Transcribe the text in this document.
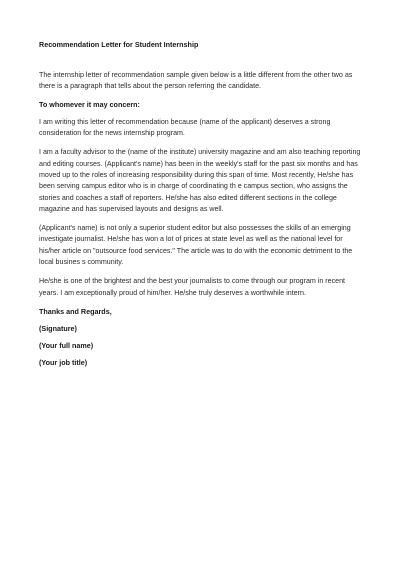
Recommendation Letter for Student Internship

The internship letter of recommendation sample given below is a little different from the other two as there is a paragraph that tells about the person referring the candidate.

To whomever it may concern:

I am writing this letter of recommendation because (name of the applicant) deserves a strong consideration for the news internship program.

I am a faculty advisor to the (name of the institute) university magazine and am also teaching reporting and editing courses. (Applicant's name) has been in the weekly's staff for the past six months and has moved up to the roles of increasing responsibility during this span of time. Most recently, He/she has been serving campus editor who is in charge of coordinating th e campus section, who assigns the stories and coaches a staff of reporters. He/she has also edited different sections in the college magazine and has supervised layouts and designs as well.

(Applicant's name) is not only a superior student editor but also possesses the skills of an emerging investigate journalist. He/she has won a lot of prices at state level as well as the national level for his/her article on "outsource food services." The article was to do with the economic detriment to the local busines s community.

He/she is one of the brightest and the best your journalists to come through our program in recent years. I am exceptionally proud of him/her. He/she truly deserves a worthwhile intern.

Thanks and Regards,
(Signature)
(Your full name)
(Your job title)
